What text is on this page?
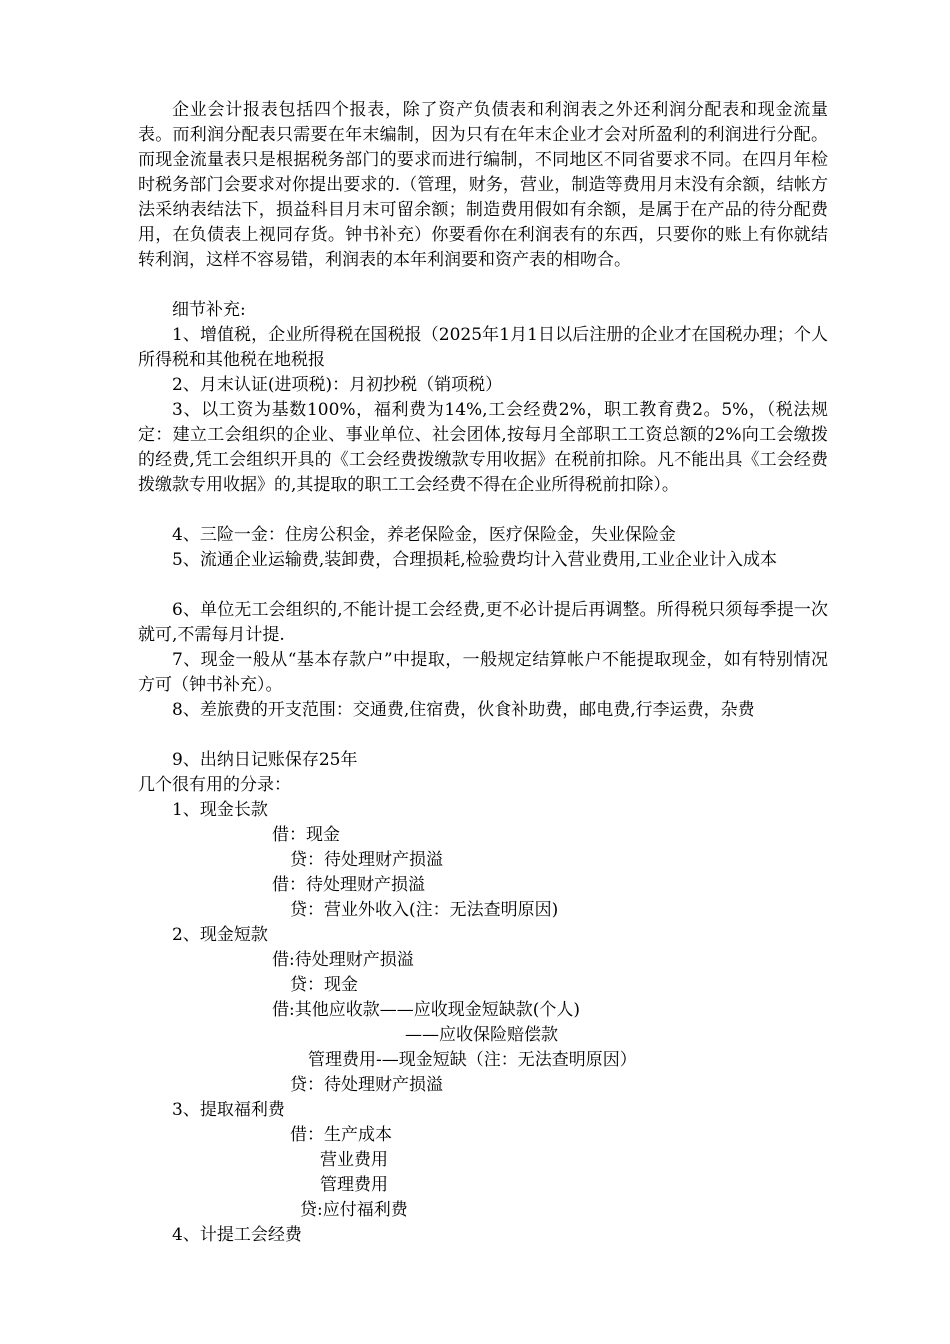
企业会计报表包括四个报表，除了资产负债表和利润表之外还利润分配表和现金流量表。而利润分配表只需要在年末编制，因为只有在年末企业才会对所盈利的利润进行分配。而现金流量表只是根据税务部门的要求而进行编制，不同地区不同省要求不同。在四月年检时税务部门会要求对你提出要求的.（管理，财务，营业，制造等费用月末没有余额，结帐方法采纳表结法下，损益科目月末可留余额；制造费用假如有余额，是属于在产品的待分配费用，在负债表上视同存货。钟书补充）你要看你在利润表有的东西，只要你的账上有你就结转利润，这样不容易错，利润表的本年利润要和资产表的相吻合。

细节补充:

1、增值税，企业所得税在国税报（2025年1月1日以后注册的企业才在国税办理；个人所得税和其他税在地税报

2、月末认证(进项税)：月初抄税（销项税）

3、以工资为基数100%，福利费为14%,工会经费2%，职工教育费2。5%，（税法规定：建立工会组织的企业、事业单位、社会团体,按每月全部职工工资总额的2%向工会缴拨的经费,凭工会组织开具的《工会经费拨缴款专用收据》在税前扣除。凡不能出具《工会经费拨缴款专用收据》的,其提取的职工工会经费不得在企业所得税前扣除）。

4、三险一金：住房公积金，养老保险金，医疗保险金，失业保险金

5、流通企业运输费,装卸费，合理损耗,检验费均计入营业费用,工业企业计入成本

6、单位无工会组织的,不能计提工会经费,更不必计提后再调整。所得税只须每季提一次就可,不需每月计提.

7、现金一般从“基本存款户”中提取，一般规定结算帐户不能提取现金，如有特别情况方可（钟书补充）。

8、差旅费的开支范围：交通费,住宿费，伙食补助费，邮电费,行李运费，杂费

9、出纳日记账保存25年

几个很有用的分录：

1、现金长款

借：现金

贷：待处理财产损溢

借：待处理财产损溢

贷：营业外收入(注：无法查明原因)

2、现金短款

借:待处理财产损溢

贷：现金

借:其他应收款——应收现金短缺款(个人)

——应收保险赔偿款

管理费用-—现金短缺（注：无法查明原因）

贷：待处理财产损溢

3、提取福利费

借：生产成本

营业费用

管理费用

贷:应付福利费

4、计提工会经费
